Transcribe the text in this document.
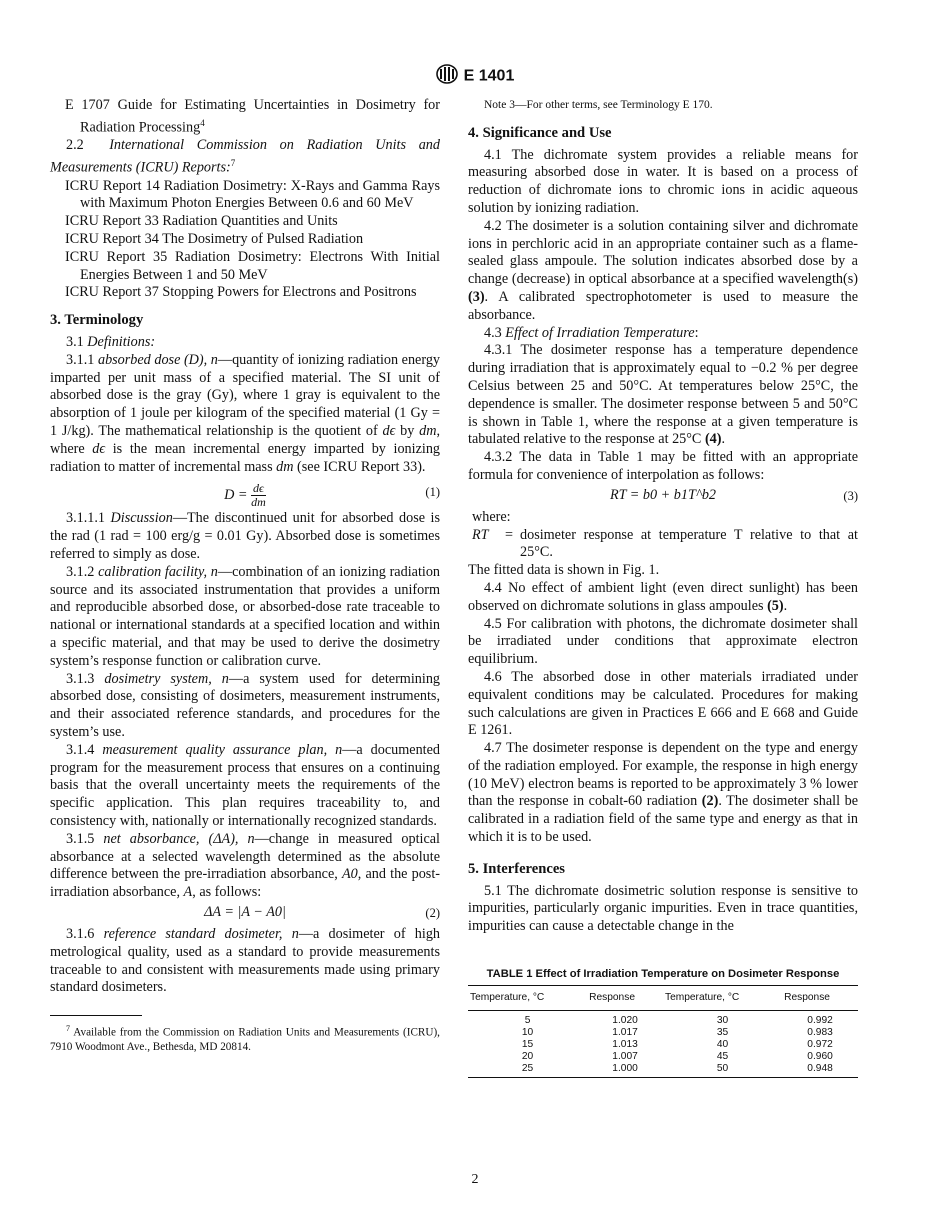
E 1401

E 1707 Guide for Estimating Uncertainties in Dosimetry for Radiation Processing$^4$

2.2 International Commission on Radiation Units and Measurements (ICRU) Reports:$^7$

ICRU Report 14 Radiation Dosimetry: X-Rays and Gamma Rays with Maximum Photon Energies Between 0.6 and 60 MeV

ICRU Report 33 Radiation Quantities and Units

ICRU Report 34 The Dosimetry of Pulsed Radiation

ICRU Report 35 Radiation Dosimetry: Electrons With Initial Energies Between 1 and 50 MeV

ICRU Report 37 Stopping Powers for Electrons and Positrons

3. Terminology

3.1 Definitions:

3.1.1 absorbed dose (D), n—quantity of ionizing radiation energy imparted per unit mass of a specified material. The SI unit of absorbed dose is the gray (Gy), where 1 gray is equivalent to the absorption of 1 joule per kilogram of the specified material (1 Gy = 1 J/kg). The mathematical relationship is the quotient of dϵ by dm, where dϵ is the mean incremental energy imparted by ionizing radiation to matter of incremental mass dm (see ICRU Report 33).

$D = \frac{d\epsilon}{dm}$	(1)

3.1.1.1 Discussion—The discontinued unit for absorbed dose is the rad (1 rad = 100 erg/g = 0.01 Gy). Absorbed dose is sometimes referred to simply as dose.

3.1.2 calibration facility, n—combination of an ionizing radiation source and its associated instrumentation that provides a uniform and reproducible absorbed dose, or absorbed-dose rate traceable to national or international standards at a specified location and within a specific material, and that may be used to derive the dosimetry system’s response function or calibration curve.

3.1.3 dosimetry system, n—a system used for determining absorbed dose, consisting of dosimeters, measurement instruments, and their associated reference standards, and procedures for the system’s use.

3.1.4 measurement quality assurance plan, n—a documented program for the measurement process that ensures on a continuing basis that the overall uncertainty meets the requirements of the specific application. This plan requires traceability to, and consistency with, nationally or internationally recognized standards.

3.1.5 net absorbance, (ΔA), n—change in measured optical absorbance at a selected wavelength determined as the absolute difference between the pre-irradiation absorbance, A0, and the post-irradiation absorbance, A, as follows:

ΔA = |A − A0|	(2)

3.1.6 reference standard dosimeter, n—a dosimeter of high metrological quality, used as a standard to provide measurements traceable to and consistent with measurements made using primary standard dosimeters.

$^7$ Available from the Commission on Radiation Units and Measurements (ICRU), 7910 Woodmont Ave., Bethesda, MD 20814.

Note 3—For other terms, see Terminology E 170.

4. Significance and Use

4.1 The dichromate system provides a reliable means for measuring absorbed dose in water. It is based on a process of reduction of dichromate ions to chromic ions in acidic aqueous solution by ionizing radiation.

4.2 The dosimeter is a solution containing silver and dichromate ions in perchloric acid in an appropriate container such as a flame-sealed glass ampoule. The solution indicates absorbed dose by a change (decrease) in optical absorbance at a specified wavelength(s) (3). A calibrated spectrophotometer is used to measure the absorbance.

4.3 Effect of Irradiation Temperature:

4.3.1 The dosimeter response has a temperature dependence during irradiation that is approximately equal to −0.2 % per degree Celsius between 25 and 50°C. At temperatures below 25°C, the dependence is smaller. The dosimeter response between 5 and 50°C is shown in Table 1, where the response at a given temperature is tabulated relative to the response at 25°C (4).

4.3.2 The data in Table 1 may be fitted with an appropriate formula for convenience of interpolation as follows:

RT = b0 + b1T^b2	(3)

where:

RT	= dosimeter response at temperature T relative to that at 25°C.

The fitted data is shown in Fig. 1.

4.4 No effect of ambient light (even direct sunlight) has been observed on dichromate solutions in glass ampoules (5).

4.5 For calibration with photons, the dichromate dosimeter shall be irradiated under conditions that approximate electron equilibrium.

4.6 The absorbed dose in other materials irradiated under equivalent conditions may be calculated. Procedures for making such calculations are given in Practices E 666 and E 668 and Guide E 1261.

4.7 The dosimeter response is dependent on the type and energy of the radiation employed. For example, the response in high energy (10 MeV) electron beams is reported to be approximately 3 % lower than the response in cobalt-60 radiation (2). The dosimeter shall be calibrated in a radiation field of the same type and energy as that in which it is to be used.

5. Interferences

5.1 The dichromate dosimetric solution response is sensitive to impurities, particularly organic impurities. Even in trace quantities, impurities can cause a detectable change in the

TABLE 1 Effect of Irradiation Temperature on Dosimeter Response
Temperature, °C	Response	Temperature, °C	Response
5	1.020	30	0.992
10	1.017	35	0.983
15	1.013	40	0.972
20	1.007	45	0.960
25	1.000	50	0.948
2
